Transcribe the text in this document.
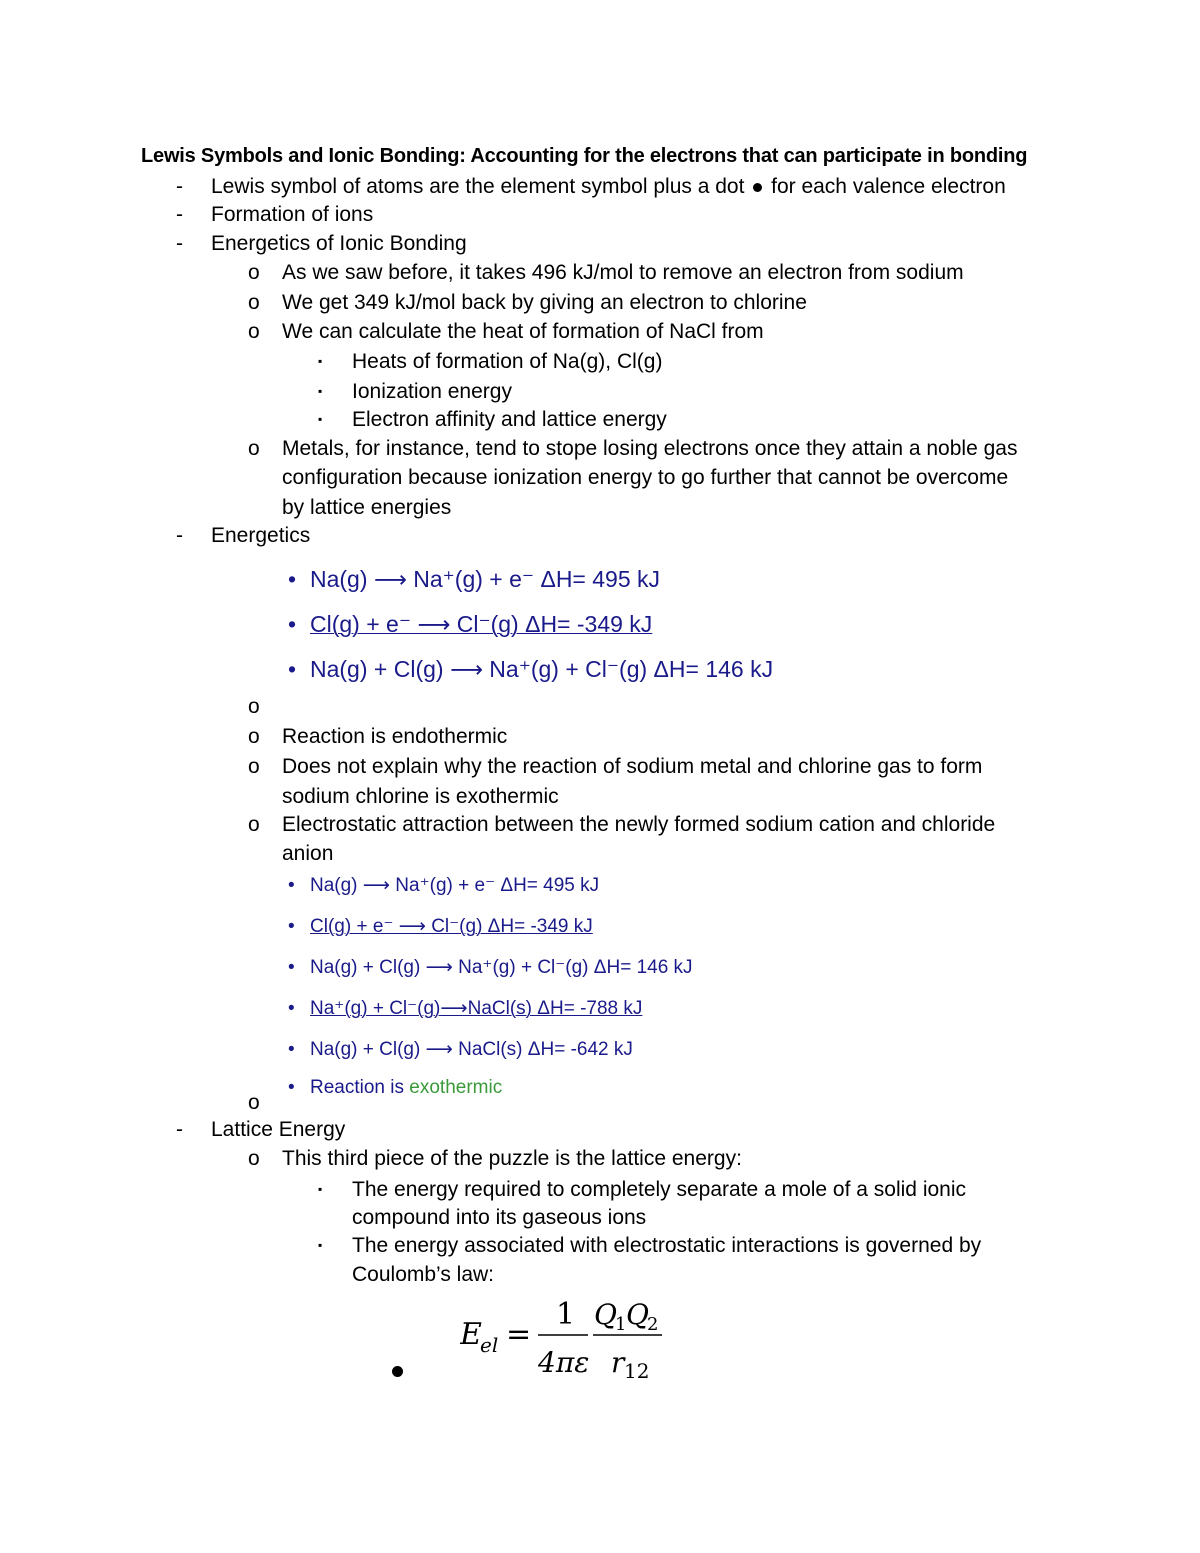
Lewis Symbols and Ionic Bonding: Accounting for the electrons that can participate in bonding
- Lewis symbol of atoms are the element symbol plus a dot for each valence electron
- Formation of ions
- Energetics of Ionic Bonding
o As we saw before, it takes 496 kJ/mol to remove an electron from sodium
o We get 349 kJ/mol back by giving an electron to chlorine
o We can calculate the heat of formation of NaCl from
▪ Heats of formation of Na(g), Cl(g)
▪ Ionization energy
▪ Electron affinity and lattice energy
o Metals, for instance, tend to stope losing electrons once they attain a noble gas
configuration because ionization energy to go further that cannot be overcome
by lattice energies
- Energetics
• Na(g) ⟶ Na⁺(g) + e⁻ ΔH= 495 kJ
• Cl(g) + e⁻ ⟶ Cl⁻(g) ΔH= -349 kJ
• Na(g) + Cl(g) ⟶ Na⁺(g) + Cl⁻(g) ΔH= 146 kJ
o
o Reaction is endothermic
o Does not explain why the reaction of sodium metal and chlorine gas to form
sodium chlorine is exothermic
o Electrostatic attraction between the newly formed sodium cation and chloride
anion
• Na(g) ⟶ Na⁺(g) + e⁻ ΔH= 495 kJ
• Cl(g) + e⁻ ⟶ Cl⁻(g) ΔH= -349 kJ
• Na(g) + Cl(g) ⟶ Na⁺(g) + Cl⁻(g) ΔH= 146 kJ
• Na⁺(g) + Cl⁻(g)⟶NaCl(s) ΔH= -788 kJ
• Na(g) + Cl(g) ⟶ NaCl(s) ΔH= -642 kJ
• Reaction is exothermic
o
- Lattice Energy
o This third piece of the puzzle is the lattice energy:
▪ The energy required to completely separate a mole of a solid ionic
compound into its gaseous ions
▪ The energy associated with electrostatic interactions is governed by
Coulomb’s law:
E
el =
1
4πε
Q
1 Q
2
r 12
